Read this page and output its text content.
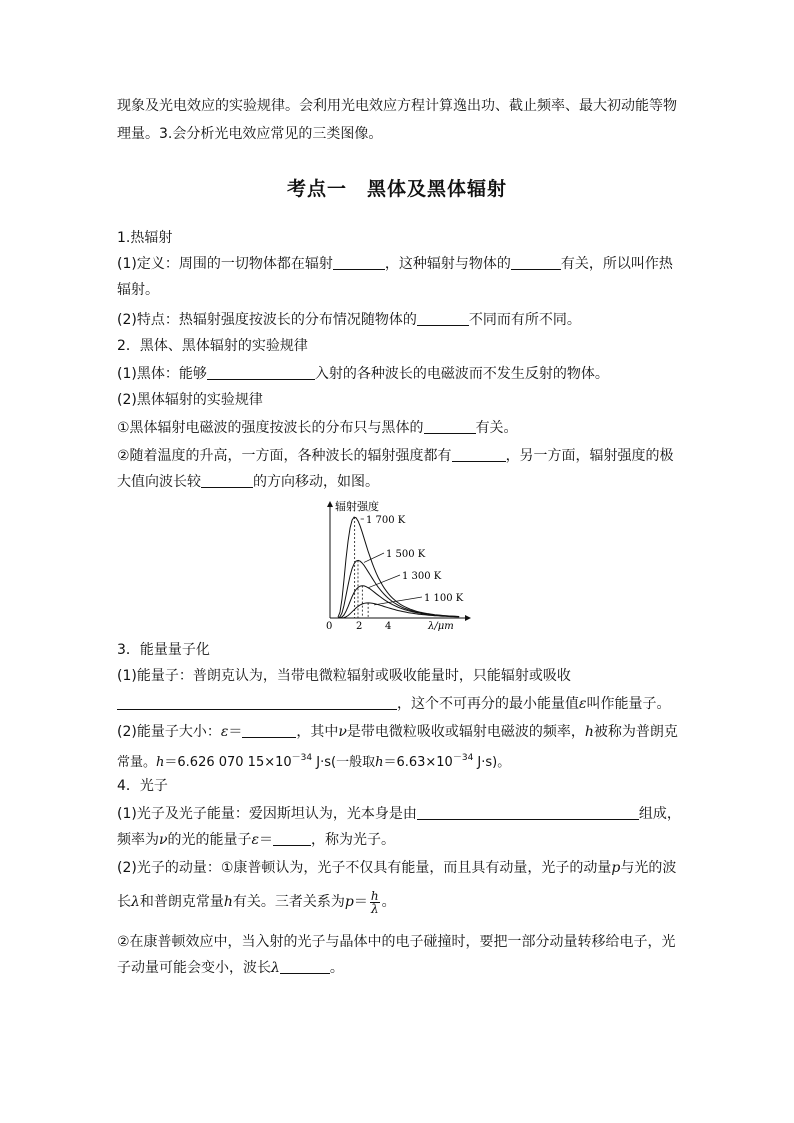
现象及光电效应的实验规律。会利用光电效应方程计算逸出功、截止频率、最大初动能等物
理量。3.会分析光电效应常见的三类图像。
考点一　黑体及黑体辐射
1.热辐射
(1)定义：周围的一切物体都在辐射	，这种辐射与物体的	有关，所以叫作热
辐射。
(2)特点：热辐射强度按波长的分布情况随物体的	不同而有所不同。
2．黑体、黑体辐射的实验规律
(1)黑体：能够	入射的各种波长的电磁波而不发生反射的物体。
(2)黑体辐射的实验规律
①黑体辐射电磁波的强度按波长的分布只与黑体的	有关。
②随着温度的升高，一方面，各种波长的辐射强度都有	，另一方面，辐射强度的极
大值向波长较	的方向移动，如图。
辐射强度
λ/μm
0 2 4
1 700 K
1 500 K
1 300 K
1 100 K
3．能量量子化
(1)能量子：普朗克认为，当带电微粒辐射或吸收能量时，只能辐射或吸收
，这个不可再分的最小能量值ε叫作能量子。
(2)能量子大小：ε＝	，其中ν是带电微粒吸收或辐射电磁波的频率，h被称为普朗克
常量。h＝6.626 070 $15\times 10^{-34}$ J·s(一般取$h=6.63\times 10^{-34}$ J·s)。
4．光子
(1)光子及光子能量：爱因斯坦认为，光本身是由	组成，
频率为ν的光的能量子ε＝	，称为光子。
(2)光子的动量：①康普顿认为，光子不仅具有能量，而且具有动量，光子的动量p与光的波
长λ和普朗克常量h有关。三者关系为$p= \frac{h}{\lambda}$ 。
②在康普顿效应中，当入射的光子与晶体中的电子碰撞时，要把一部分动量转移给电子，光
子动量可能会变小，波长λ	。
